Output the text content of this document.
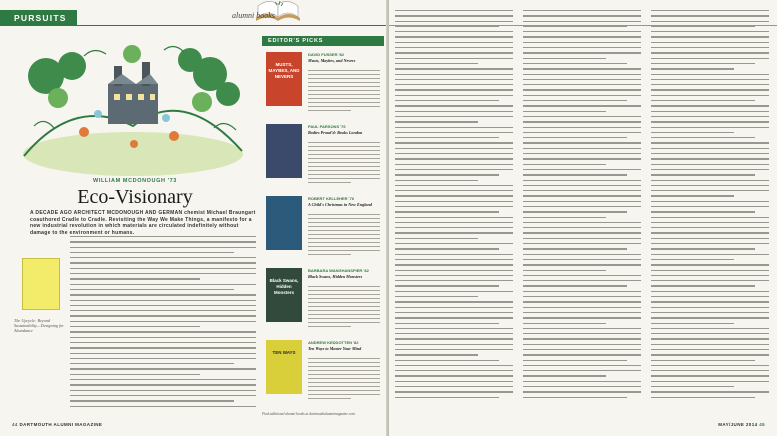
PURSUITS	alumni books
WILLIAM MCDONOUGH '73
Eco-Visionary
A DECADE AGO ARCHITECT MCDONOUGH AND GERMAN chemist Michael Braungart coauthored Cradle to Cradle. Revisiting the Way We Make Things, a manifesto for a new industrial revolution in which materials are circulated indefinitely without damage to the environment or humans.
The Upcycle: Beyond Sustainability—Designing for Abundance
EDITOR'S PICKS
MUSTS, MAYBES, AND NEVERS
DAVID FUSSER '82
Musts, Maybes, and Nevers
PAUL PARSONS '76
Bodies Proud'd: Books London
ROBERT KELLEHER '76
A Child's Christmas in New England
Black Swans, Hidden Monsters
BARBARA WANGHANSPIER '82
Black Swans, Hidden Monsters
TEN WAYS
ANDREW KEDDOTTEN '82
Ten Ways to Master Your Mind
Find additional alumni books at dartmouthalumnimagazine.com
44 DARTMOUTH ALUMNI MAGAZINE	MAY/JUNE 2014 45
